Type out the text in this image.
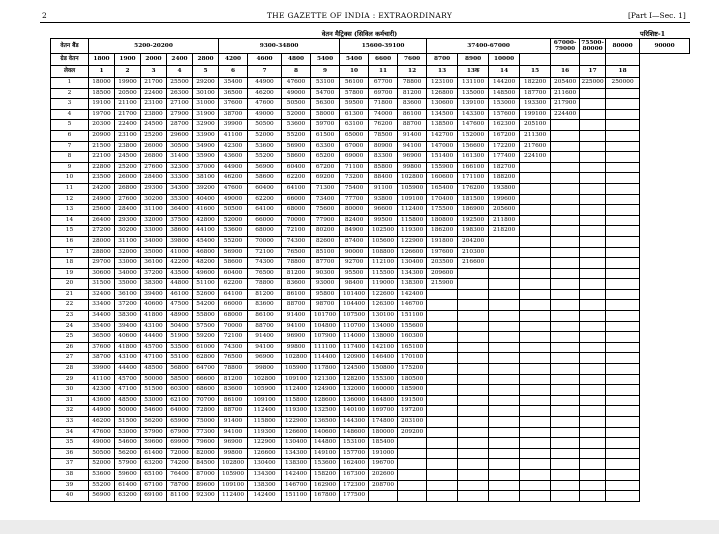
2	THE GAZETTE OF INDIA : EXTRAORDINARY	[Part I—Sec. 1]
वेतन मैट्रिक्स (सिविल कर्मचारी)	परिशिष्ट-1
वेतन बैंड	5200-20200					9300-34800				15600-39100			37400-67000				67000-79000	75500-80000	80000	90000
ग्रेड वेतन	1800	1900	2000	2400	2800	4200	4600	4800	5400	5400	6600	7600	8700	8900	10000					
लेवल	1	2	3	4	5	6	7	8	9	10	11	12	13	13क	14	15	16	17	18	
1	18000	19900	21700	25500	29200	35400	44900	47600	53100	56100	67700	78800	123100	131100	144200	182200	205400	225000	250000	
2	18500	20500	22400	26300	30100	36500	46200	49000	54700	57800	69700	81200	126800	135000	148500	187700	211600			
3	19100	21100	23100	27100	31000	37600	47600	50500	56300	59500	71800	83600	130600	139100	153000	193300	217900			
4	19700	21700	23800	27900	31900	38700	49000	52000	58000	61300	74000	86100	134500	143300	157600	199100	224400			
5	20300	22400	24500	28700	32900	39900	50500	53600	59700	63100	76200	88700	138500	147600	162300	205100				
6	20900	23100	25200	29600	33900	41100	52000	55200	61500	65000	78500	91400	142700	152000	167200	211300				
7	21500	23800	26000	30500	34900	42300	53600	56900	63300	67000	80900	94100	147000	156600	172200	217600				
8	22100	24500	26800	31400	35900	43600	55200	58600	65200	69000	83300	96900	151400	161300	177400	224100				
9	22800	25200	27600	32300	37000	44900	56900	60400	67200	71100	85800	99800	155900	166100	182700					
10	23500	26000	28400	33300	38100	46200	58600	62200	69200	73200	88400	102800	160600	171100	188200					
11	24200	26800	29300	34300	39200	47600	60400	64100	71300	75400	91100	105900	165400	176200	193800					
12	24900	27600	30200	35300	40400	49000	62200	66000	73400	77700	93800	109100	170400	181500	199600					
13	25600	28400	31100	36400	41600	50500	64100	68000	75600	80000	96600	112400	175500	186900	205600					
14	26400	29300	32000	37500	42800	52000	66000	70000	77900	82400	99500	115800	180800	192500	211800					
15	27200	30200	33000	38600	44100	53600	68000	72100	80200	84900	102500	119300	186200	198300	218200					
16	28000	31100	34000	39800	45400	55200	70000	74300	82600	87400	105600	122900	191800	204200						
17	28800	32000	35000	41000	46800	56900	72100	76500	85100	90000	108800	126600	197600	210300						
18	29700	33000	36100	42200	48200	58600	74300	78800	87700	92700	112100	130400	203500	216600						
19	30600	34000	37200	43500	49600	60400	76500	81200	90300	95500	115500	134300	209600							
20	31500	35000	38300	44800	51100	62200	78800	83600	93000	98400	119000	138300	215900							
21	32400	36100	39400	46100	52600	64100	81200	86100	95800	101400	122600	142400								
22	33400	37200	40600	47500	54200	66000	83600	88700	98700	104400	126300	146700								
23	34400	38300	41800	48900	55800	68000	86100	91400	101700	107500	130100	151100								
24	35400	39400	43100	50400	57500	70000	88700	94100	104800	110700	134000	155600								
25	36500	40600	44400	51900	59200	72100	91400	96900	107900	114000	138000	160300								
26	37600	41800	45700	53500	61000	74300	94100	99800	111100	117400	142100	165100								
27	38700	43100	47100	55100	62800	76500	96900	102800	114400	120900	146400	170100								
28	39900	44400	48500	56800	64700	78800	99800	105900	117800	124500	150800	175200								
29	41100	45700	50000	58500	66600	81200	102800	109100	121300	128200	155300	180500								
30	42300	47100	51500	60300	68600	83600	105900	112400	124900	132000	160000	185900								
31	43600	48500	53000	62100	70700	86100	109100	115800	128600	136000	164800	191500								
32	44900	50000	54600	64000	72800	88700	112400	119300	132500	140100	169700	197200								
33	46200	51500	56200	65900	75000	91400	115800	122900	136500	144300	174800	203100								
34	47600	53000	57900	67900	77300	94100	119300	126600	140600	148600	180000	209200								
35	49000	54600	59600	69900	79600	96900	122900	130400	144800	153100	185400									
36	50500	56200	61400	72000	82000	99800	126600	134300	149100	157700	191000									
37	52000	57900	63200	74200	84500	102800	130400	138300	153600	162400	196700									
38	53600	59600	65100	76400	87000	105900	134300	142400	158200	167300	202600									
39	55200	61400	67100	78700	89600	109100	138300	146700	162900	172300	208700									
40	56900	63200	69100	81100	92300	112400	142400	151100	167800	177500										
